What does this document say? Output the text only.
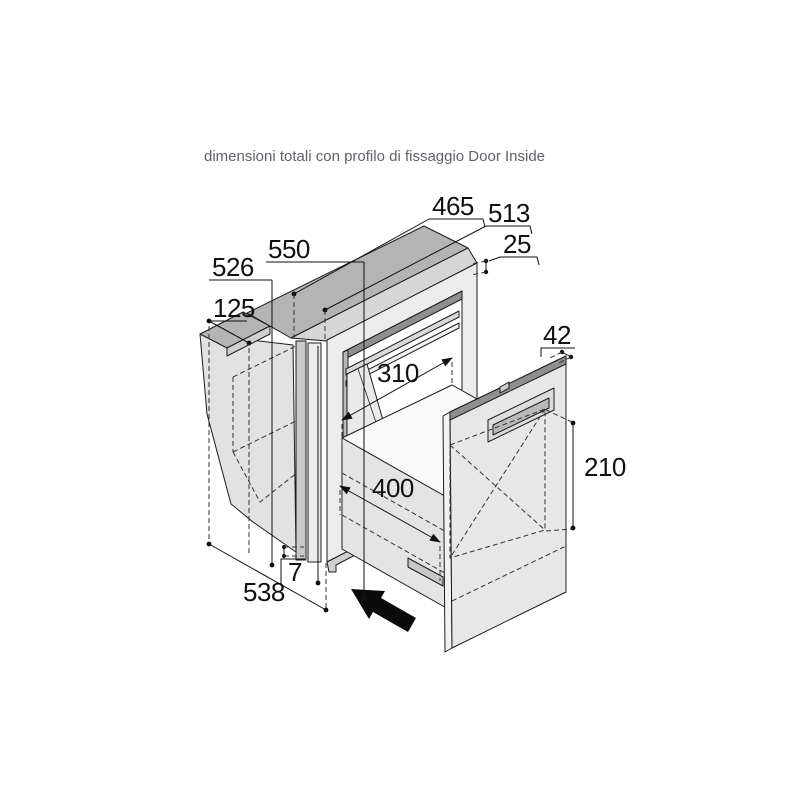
465 513
550
526
125
538
25
42
310
400
210
7
dimensioni totali con profilo di fissaggio Door Inside
